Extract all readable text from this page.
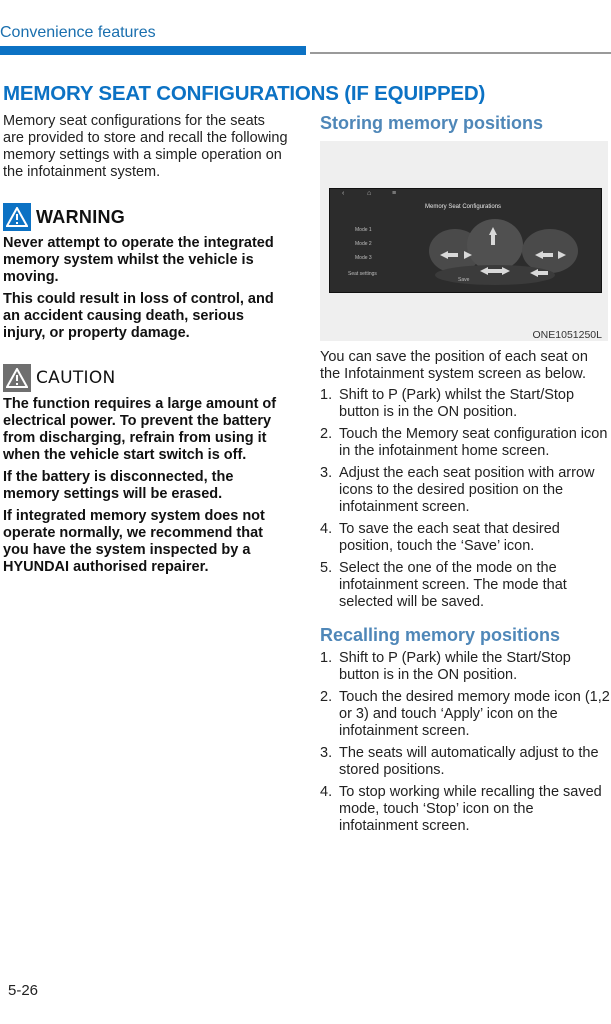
Convenience features
MEMORY SEAT CONFIGURATIONS (IF EQUIPPED)

Memory seat configurations for the seats are provided to store and recall the following memory settings with a simple operation on the infotainment system.

WARNING

Never attempt to operate the integrated memory system whilst the vehicle is moving.

This could result in loss of control, and an accident causing death, serious injury, or property damage.

CAUTION

The function requires a large amount of electrical power. To prevent the battery from discharging, refrain from using it when the vehicle start switch is off.

If the battery is disconnected, the memory settings will be erased.

If integrated memory system does not operate normally, we recommend that you have the system inspected by a HYUNDAI authorised repairer.

Storing memory positions
‹	⌂	≡
Memory Seat Configurations
Mode 1
Mode 2
Mode 3
Seat settings
Save
ONE1051250L

You can save the position of each seat on the Infotainment system screen as below.

1. Shift to P (Park) whilst the Start/Stop button is in the ON position.
2. Touch the Memory seat configuration icon in the infotainment home screen.
3. Adjust the each seat position with arrow icons to the desired position on the infotainment screen.
4. To save the each seat that desired position, touch the ‘Save’ icon.
5. Select the one of the mode on the infotainment screen. The mode that selected will be saved.
Recalling memory positions
1. Shift to P (Park) while the Start/Stop button is in the ON position.
2. Touch the desired memory mode icon (1,2 or 3) and touch ‘Apply’ icon on the infotainment screen.
3. The seats will automatically adjust to the stored positions.
4. To stop working while recalling the saved mode, touch ‘Stop’ icon on the infotainment screen.
5-26
